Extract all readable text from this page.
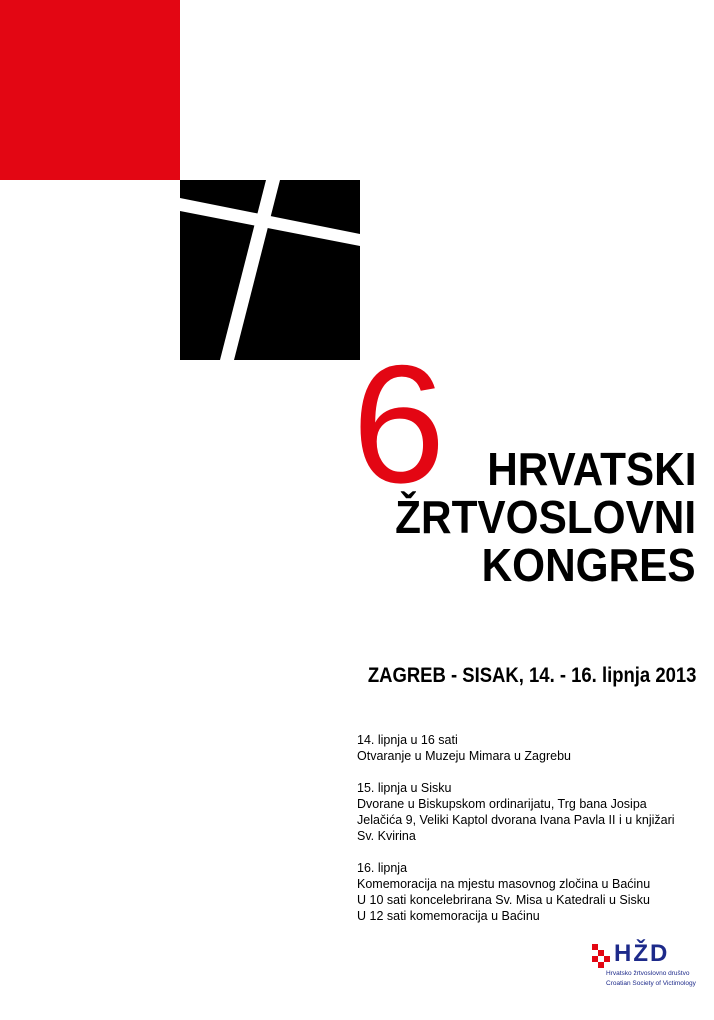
6 HRVATSKI
ŽRTVOSLOVNI
KONGRES
ZAGREB - SISAK, 14. - 16. lipnja 2013
14. lipnja u 16 sati
Otvaranje u Muzeju Mimara u Zagrebu
15. lipnja u Sisku
Dvorane u Biskupskom ordinarijatu, Trg bana Josipa
Jelačića 9, Veliki Kaptol dvorana Ivana Pavla II i u knjižari
Sv. Kvirina
16. lipnja
Komemoracija na mjestu masovnog zločina u Baćinu
U 10 sati koncelebrirana Sv. Misa u Katedrali u Sisku
U 12 sati komemoracija u Baćinu
HŽD
Hrvatsko žrtvoslovno društvo
Croatian Society of Victimology
